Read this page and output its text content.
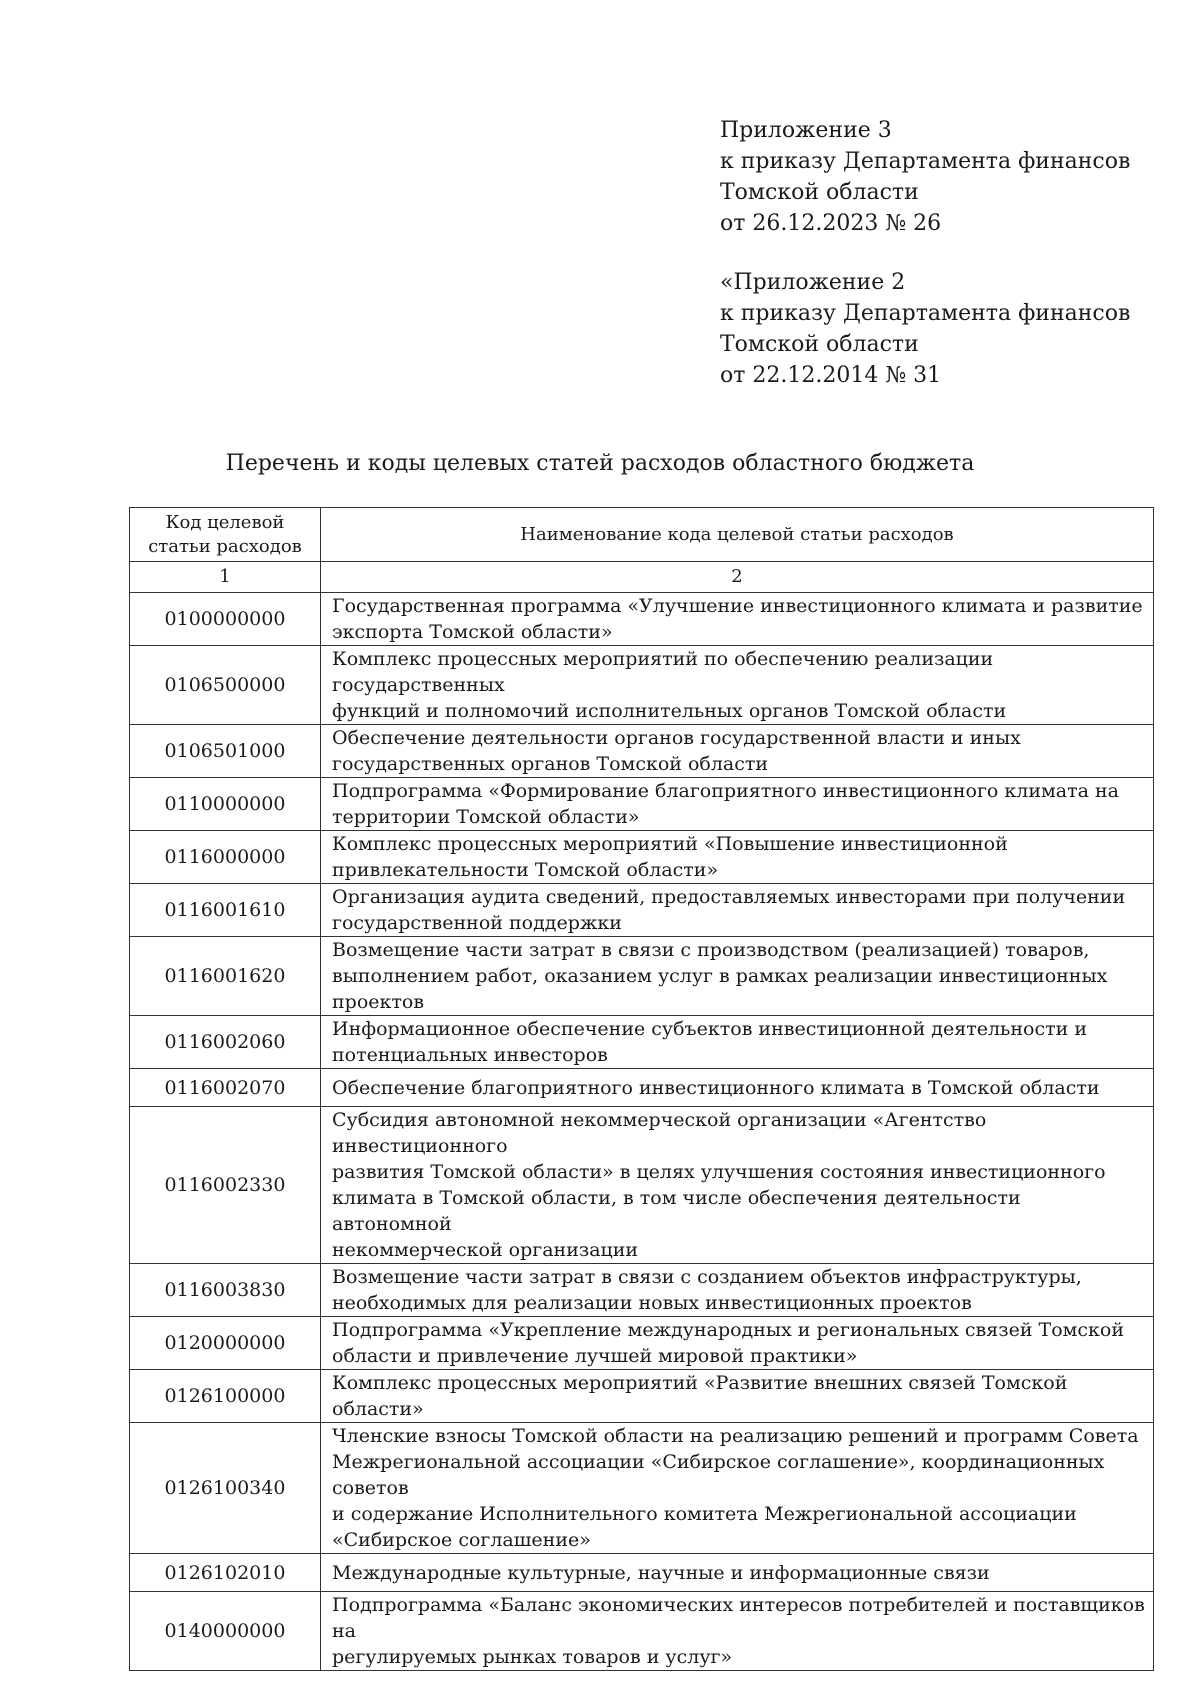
Приложение 3
к приказу Департамента финансов
Томской области
от 26.12.2023 № 26
«Приложение 2
к приказу Департамента финансов
Томской области
от 22.12.2014 № 31
Перечень и коды целевых статей расходов областного бюджета
Код целевой
статьи расходов	Наименование кода целевой статьи расходов
1	2
0100000000	Государственная программа «Улучшение инвестиционного климата и развитие
экспорта Томской области»

0106500000	Комплекс процессных мероприятий по обеспечению реализации государственных
функций и полномочий исполнительных органов Томской области

0106501000	Обеспечение деятельности органов государственной власти и иных
государственных органов Томской области

0110000000	Подпрограмма «Формирование благоприятного инвестиционного климата на
территории Томской области»

0116000000	Комплекс процессных мероприятий «Повышение инвестиционной
привлекательности Томской области»

0116001610	Организация аудита сведений, предоставляемых инвесторами при получении
государственной поддержки

0116001620	Возмещение части затрат в связи с производством (реализацией) товаров,
выполнением работ, оказанием услуг в рамках реализации инвестиционных
проектов

0116002060	Информационное обеспечение субъектов инвестиционной деятельности и
потенциальных инвесторов

0116002070	Обеспечение благоприятного инвестиционного климата в Томской области

0116002330	Субсидия автономной некоммерческой организации «Агентство инвестиционного
развития Томской области» в целях улучшения состояния инвестиционного
климата в Томской области, в том числе обеспечения деятельности автономной
некоммерческой организации

0116003830	Возмещение части затрат в связи с созданием объектов инфраструктуры,
необходимых для реализации новых инвестиционных проектов

0120000000	Подпрограмма «Укрепление международных и региональных связей Томской
области и привлечение лучшей мировой практики»

0126100000	Комплекс процессных мероприятий «Развитие внешних связей Томской области»

0126100340	Членские взносы Томской области на реализацию решений и программ Совета
Межрегиональной ассоциации «Сибирское соглашение», координационных советов
и содержание Исполнительного комитета Межрегиональной ассоциации
«Сибирское соглашение»

0126102010	Международные культурные, научные и информационные связи

0140000000	Подпрограмма «Баланс экономических интересов потребителей и поставщиков на
регулируемых рынках товаров и услуг»
